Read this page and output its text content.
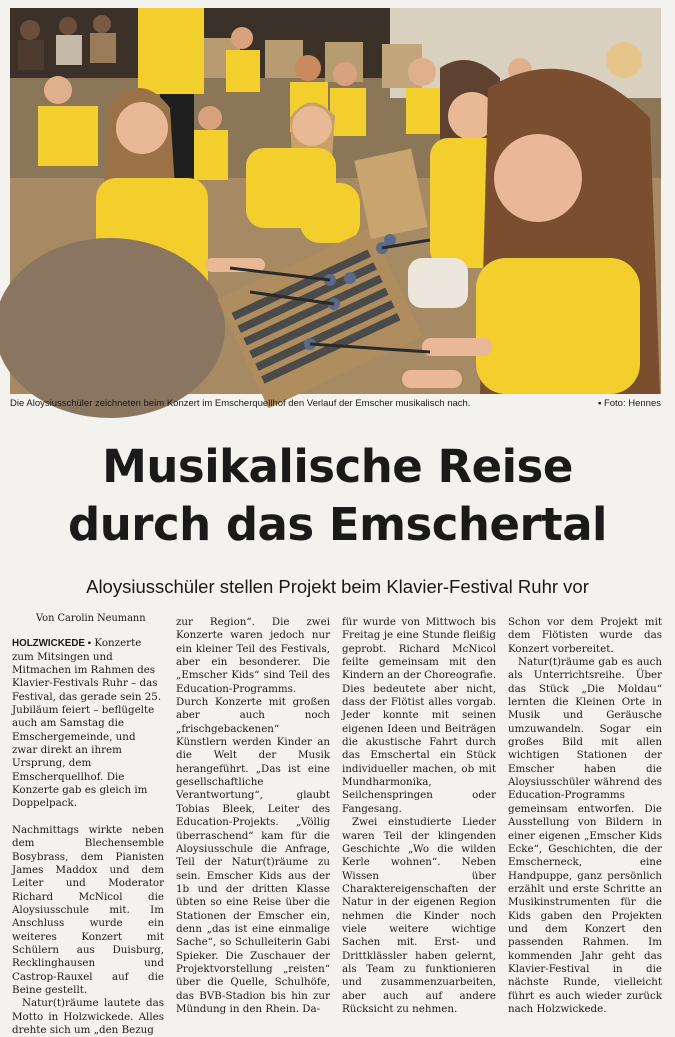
Die Aloysiusschüler zeichneten beim Konzert im Emscherquellhof den Verlauf der Emscher musikalisch nach.	▪ Foto: Hennes
Musikalische Reise
durch das Emschertal
Aloysiusschüler stellen Projekt beim Klavier-Festival Ruhr vor

Von Carolin Neumann

HOLZWICKEDE ▪ Konzerte zum Mitsingen und Mitmachen im Rahmen des Klavier-Festivals Ruhr – das Festival, das gerade sein 25. Jubiläum feiert – beflügelte auch am Samstag die Emschergemeinde, und zwar direkt an ihrem Ursprung, dem Emscherquellhof. Die Konzerte gab es gleich im Doppelpack.

Nachmittags wirkte neben dem Blechensemble Bosybrass, dem Pianisten James Maddox und dem Leiter und Moderator Richard McNicol die Aloysiusschule mit. Im Anschluss wurde ein weiteres Konzert mit Schülern aus Duisburg, Recklinghausen und Castrop-Rauxel auf die Beine gestellt.

Natur(t)räume lautete das Motto in Holzwickede. Alles drehte sich um „den Bezug

zur Region“. Die zwei Konzerte waren jedoch nur ein kleiner Teil des Festivals, aber ein besonderer. Die „Emscher Kids“ sind Teil des Education-Programms. Durch Konzerte mit großen aber auch noch „frischgebackenen“ Künstlern werden Kinder an die Welt der Musik herangeführt. „Das ist eine gesellschaftliche Verantwortung“, glaubt Tobias Bleek, Leiter des Education-Projekts. „Völlig überraschend“ kam für die Aloysiusschule die Anfrage, Teil der Natur(t)räume zu sein. Emscher Kids aus der 1b und der dritten Klasse übten so eine Reise über die Stationen der Emscher ein, denn „das ist eine einmalige Sache“, so Schulleiterin Gabi Spieker. Die Zuschauer der Projektvorstellung „reisten“ über die Quelle, Schulhöfe, das BVB-Stadion bis hin zur Mündung in den Rhein. Da-

für wurde von Mittwoch bis Freitag je eine Stunde fleißig geprobt. Richard McNicol feilte gemeinsam mit den Kindern an der Choreografie. Dies bedeutete aber nicht, dass der Flötist alles vorgab. Jeder konnte mit seinen eigenen Ideen und Beiträgen die akustische Fahrt durch das Emschertal ein Stück individueller machen, ob mit Mundharmonika, Seilchenspringen oder Fangesang.

Zwei einstudierte Lieder waren Teil der klingenden Geschichte „Wo die wilden Kerle wohnen“. Neben Wissen über Charaktereigenschaften der Natur in der eigenen Region nehmen die Kinder noch viele weitere wichtige Sachen mit. Erst- und Drittklässler haben gelernt, als Team zu funktionieren und zusammenzuarbeiten, aber auch auf andere Rücksicht zu nehmen.

Schon vor dem Projekt mit dem Flötisten wurde das Konzert vorbereitet.

Natur(t)räume gab es auch als Unterrichtsreihe. Über das Stück „Die Moldau“ lernten die Kleinen Orte in Musik und Geräusche umzuwandeln. Sogar ein großes Bild mit allen wichtigen Stationen der Emscher haben die Aloysiusschüler während des Education-Programms gemeinsam entworfen. Die Ausstellung von Bildern in einer eigenen „Emscher Kids Ecke“, Geschichten, die der Emscherneck, eine Handpuppe, ganz persönlich erzählt und erste Schritte an Musikinstrumenten für die Kids gaben den Projekten und dem Konzert den passenden Rahmen. Im kommenden Jahr geht das Klavier-Festival in die nächste Runde, vielleicht führt es auch wieder zurück nach Holzwickede.
